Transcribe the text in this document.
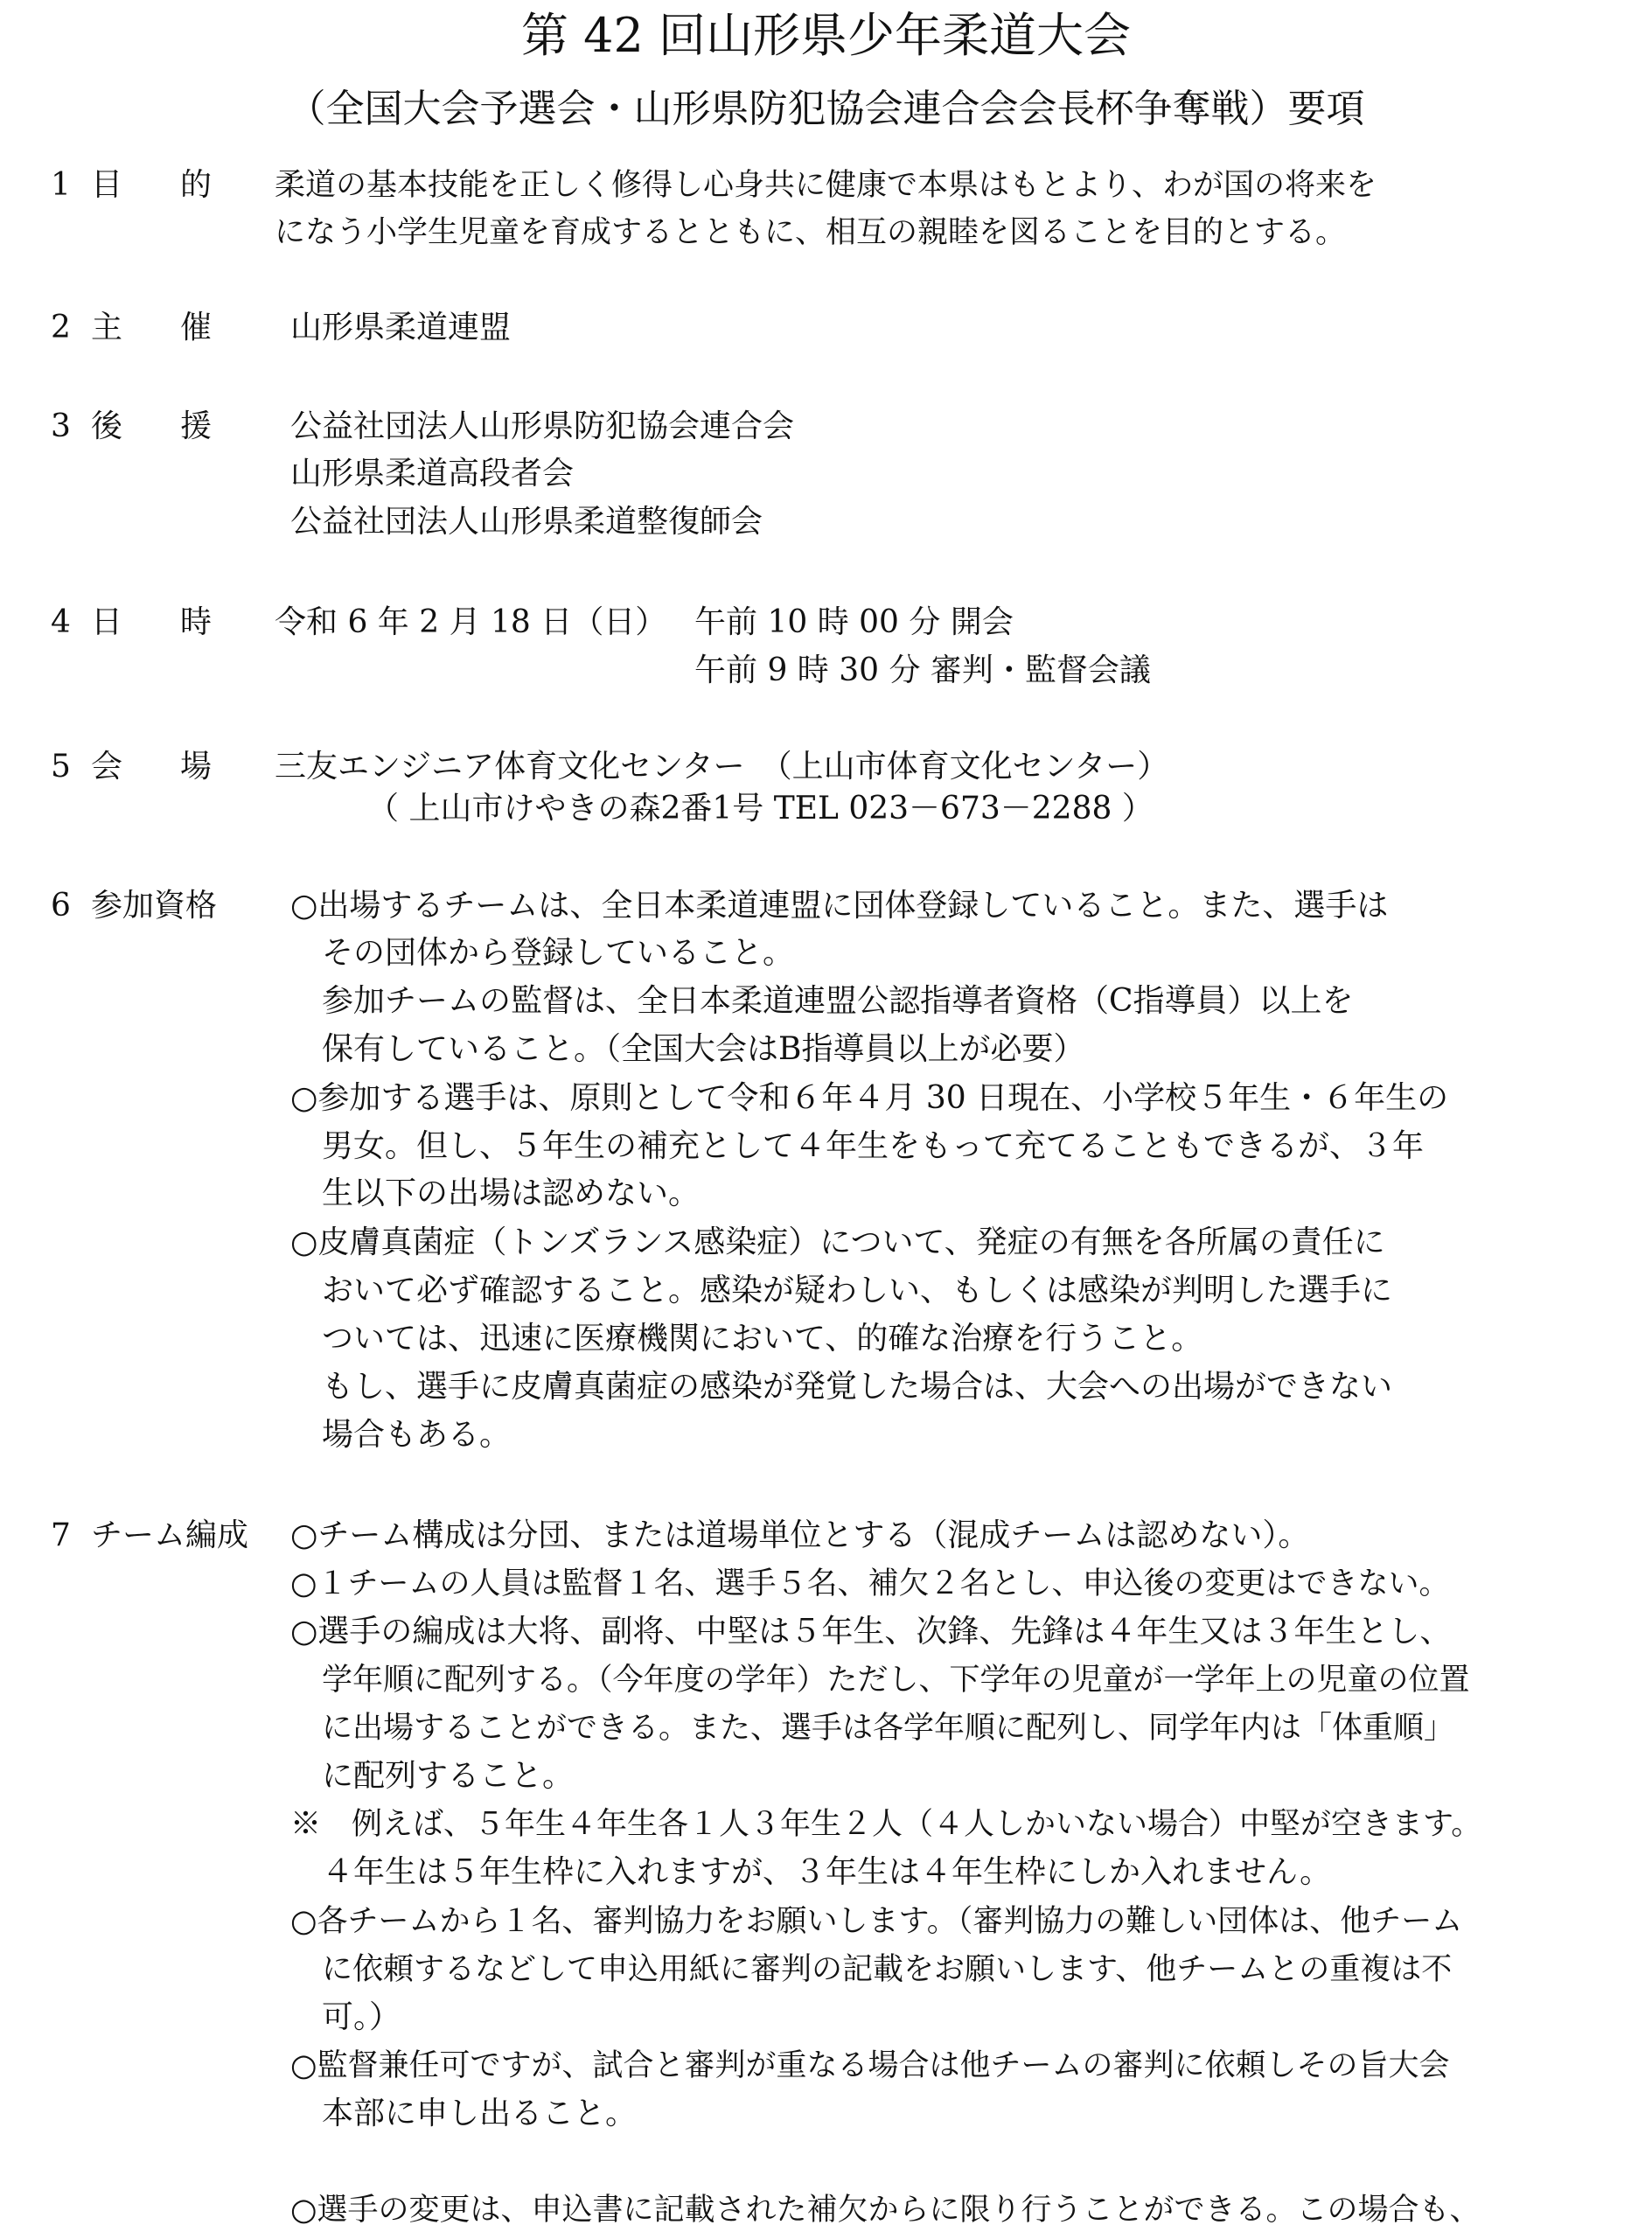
第 42 回山形県少年柔道大会
（全国大会予選会・山形県防犯協会連合会会長杯争奪戦）要項
1 目 的 柔道の基本技能を正しく修得し心身共に健康で本県はもとより、わが国の将来を
になう小学生児童を育成するとともに、相互の親睦を図ることを目的とする。
2 主 催 山形県柔道連盟
3 後 援 公益社団法人山形県防犯協会連合会
山形県柔道高段者会
公益社団法人山形県柔道整復師会
4 日 時 令和 6 年 2 月 18 日（日） 午前 10 時 00 分 開会
午前 9 時 30 分 審判・監督会議
5 会 場 三友エンジニア体育文化センター　（上山市体育文化センター）
（ 上山市けやきの森2番1号 TEL 023－673－2288 ）
6 参加資格 ○出場するチームは、全日本柔道連盟に団体登録していること。また、選手は
その団体から登録していること。
参加チームの監督は、全日本柔道連盟公認指導者資格（C指導員）以上を
保有していること。（全国大会はB指導員以上が必要）
○参加する選手は、原則として令和６年４月 30 日現在、小学校５年生・６年生の
男女。但し、５年生の補充として４年生をもって充てることもできるが、３年
生以下の出場は認めない。
○皮膚真菌症（トンズランス感染症）について、発症の有無を各所属の責任に
おいて必ず確認すること。感染が疑わしい、もしくは感染が判明した選手に
ついては、迅速に医療機関において、的確な治療を行うこと。
もし、選手に皮膚真菌症の感染が発覚した場合は、大会への出場ができない
場合もある。
7 チーム編成 ○チーム構成は分団、または道場単位とする（混成チームは認めない）。
○１チームの人員は監督１名、選手５名、補欠２名とし、申込後の変更はできない。
○選手の編成は大将、副将、中堅は５年生、次鋒、先鋒は４年生又は３年生とし、
学年順に配列する。（今年度の学年）ただし、下学年の児童が一学年上の児童の位置
に出場することができる。また、選手は各学年順に配列し、同学年内は「体重順」
に配列すること。
※　例えば、５年生４年生各１人３年生２人（４人しかいない場合）中堅が空きます。
４年生は５年生枠に入れますが、３年生は４年生枠にしか入れません。
○各チームから１名、審判協力をお願いします。（審判協力の難しい団体は、他チーム
に依頼するなどして申込用紙に審判の記載をお願いします、他チームとの重複は不
可。）
○監督兼任可ですが、試合と審判が重なる場合は他チームの審判に依頼しその旨大会
本部に申し出ること。
○選手の変更は、申込書に記載された補欠からに限り行うことができる。この場合も、
